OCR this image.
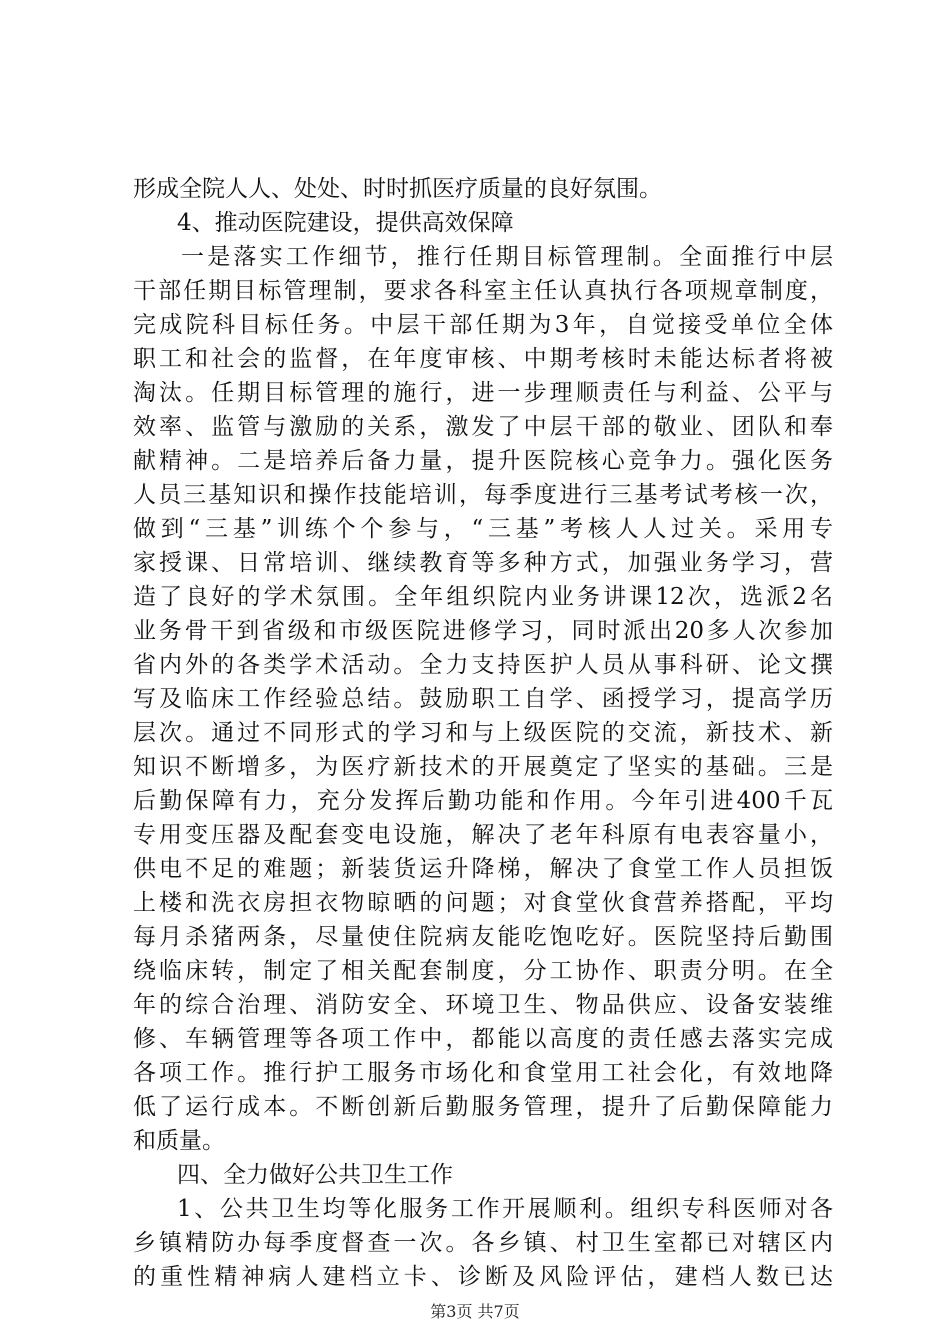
形成全院人人、处处、时时抓医疗质量的良好氛围。
4、推动医院建设，提供高效保障
一是落实工作细节，推行任期目标管理制。全面推行中层
干部任期目标管理制，要求各科室主任认真执行各项规章制度，
完成院科目标任务。中层干部任期为3年，自觉接受单位全体
职工和社会的监督，在年度审核、中期考核时未能达标者将被
淘汰。任期目标管理的施行，进一步理顺责任与利益、公平与
效率、监管与激励的关系，激发了中层干部的敬业、团队和奉
献精神。二是培养后备力量，提升医院核心竞争力。强化医务
人员三基知识和操作技能培训，每季度进行三基考试考核一次，
做到“三基”训练个个参与，“三基”考核人人过关。采用专
家授课、日常培训、继续教育等多种方式，加强业务学习，营
造了良好的学术氛围。全年组织院内业务讲课12次，选派2名
业务骨干到省级和市级医院进修学习，同时派出20多人次参加
省内外的各类学术活动。全力支持医护人员从事科研、论文撰
写及临床工作经验总结。鼓励职工自学、函授学习，提高学历
层次。通过不同形式的学习和与上级医院的交流，新技术、新
知识不断增多，为医疗新技术的开展奠定了坚实的基础。三是
后勤保障有力，充分发挥后勤功能和作用。今年引进400千瓦
专用变压器及配套变电设施，解决了老年科原有电表容量小，
供电不足的难题；新装货运升降梯，解决了食堂工作人员担饭
上楼和洗衣房担衣物晾晒的问题；对食堂伙食营养搭配，平均
每月杀猪两条，尽量使住院病友能吃饱吃好。医院坚持后勤围
绕临床转，制定了相关配套制度，分工协作、职责分明。在全
年的综合治理、消防安全、环境卫生、物品供应、设备安装维
修、车辆管理等各项工作中，都能以高度的责任感去落实完成
各项工作。推行护工服务市场化和食堂用工社会化，有效地降
低了运行成本。不断创新后勤服务管理，提升了后勤保障能力
和质量。
四、全力做好公共卫生工作
1、公共卫生均等化服务工作开展顺利。组织专科医师对各
乡镇精防办每季度督查一次。各乡镇、村卫生室都已对辖区内
的重性精神病人建档立卡、诊断及风险评估，建档人数已达
第3页 共7页
